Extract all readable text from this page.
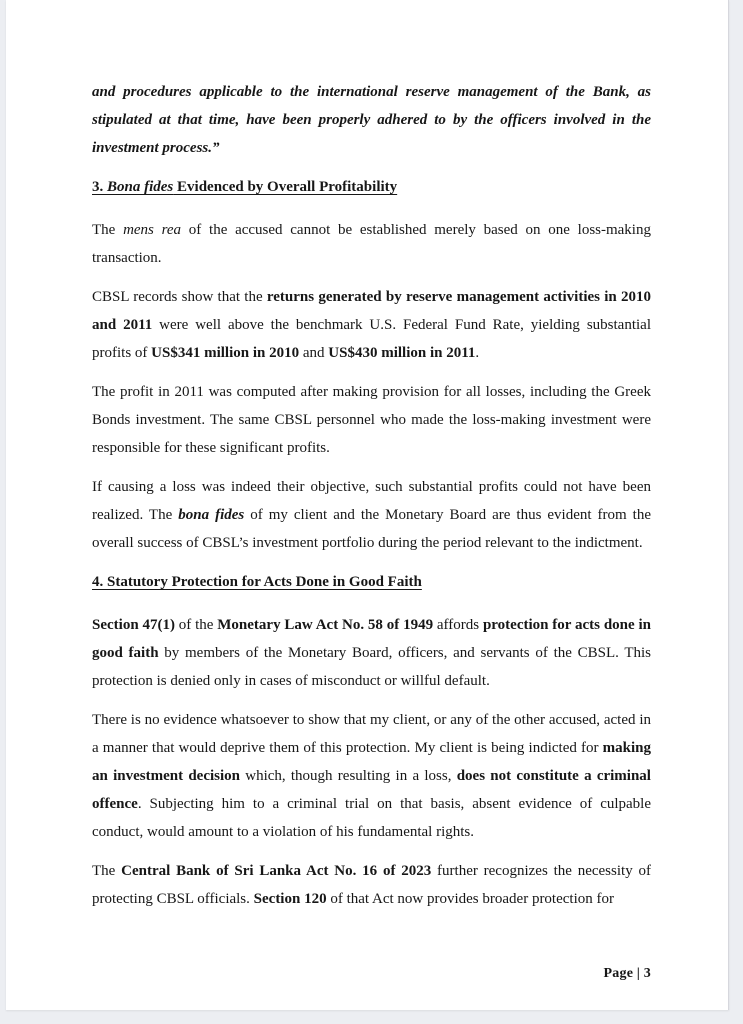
and procedures applicable to the international reserve management of the Bank, as stipulated at that time, have been properly adhered to by the officers involved in the investment process.”
3. Bona fides Evidenced by Overall Profitability
The mens rea of the accused cannot be established merely based on one loss-making transaction.
CBSL records show that the returns generated by reserve management activities in 2010 and 2011 were well above the benchmark U.S. Federal Fund Rate, yielding substantial profits of US$341 million in 2010 and US$430 million in 2011.
The profit in 2011 was computed after making provision for all losses, including the Greek Bonds investment. The same CBSL personnel who made the loss-making investment were responsible for these significant profits.
If causing a loss was indeed their objective, such substantial profits could not have been realized. The bona fides of my client and the Monetary Board are thus evident from the overall success of CBSL’s investment portfolio during the period relevant to the indictment.
4. Statutory Protection for Acts Done in Good Faith
Section 47(1) of the Monetary Law Act No. 58 of 1949 affords protection for acts done in good faith by members of the Monetary Board, officers, and servants of the CBSL. This protection is denied only in cases of misconduct or willful default.
There is no evidence whatsoever to show that my client, or any of the other accused, acted in a manner that would deprive them of this protection. My client is being indicted for making an investment decision which, though resulting in a loss, does not constitute a criminal offence. Subjecting him to a criminal trial on that basis, absent evidence of culpable conduct, would amount to a violation of his fundamental rights.
The Central Bank of Sri Lanka Act No. 16 of 2023 further recognizes the necessity of protecting CBSL officials. Section 120 of that Act now provides broader protection for
Page | 3
